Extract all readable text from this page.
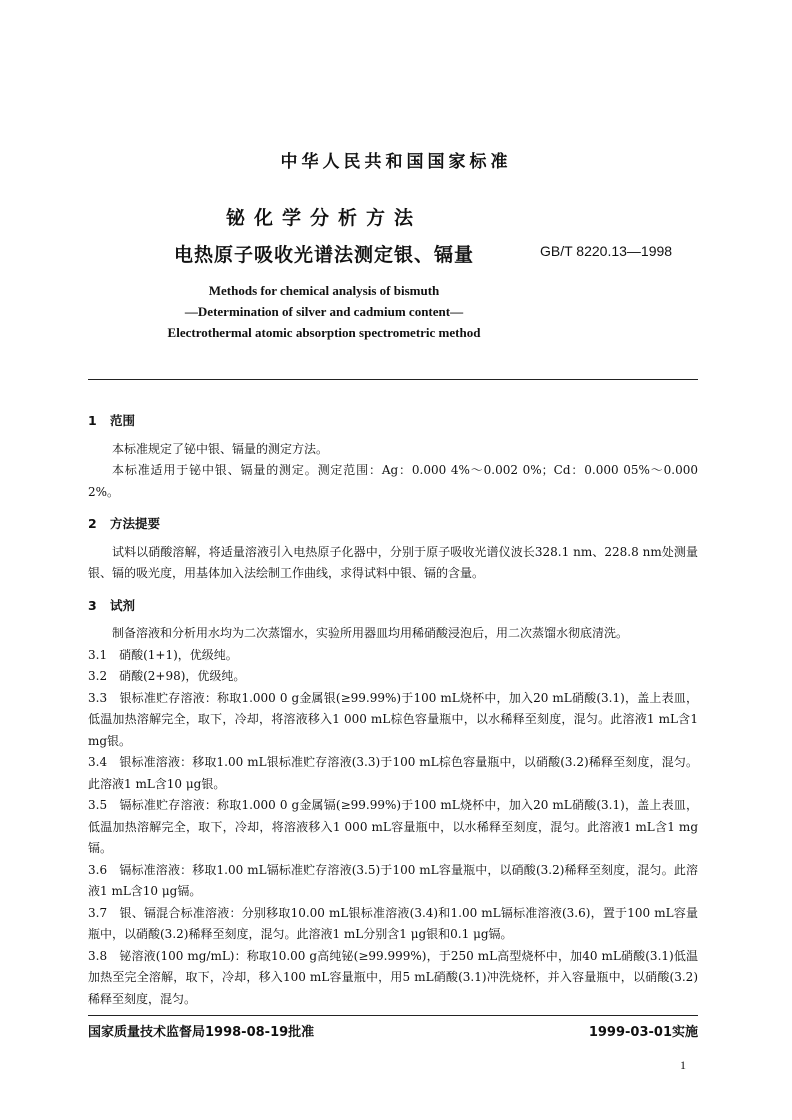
中华人民共和国国家标准
铋化学分析方法
电热原子吸收光谱法测定银、镉量	GB/T 8220.13—1998
Methods for chemical analysis of bismuth
—Determination of silver and cadmium content—
Electrothermal atomic absorption spectrometric method
1 范围

本标准规定了铋中银、镉量的测定方法。

本标准适用于铋中银、镉量的测定。测定范围：Ag：0.000 4%～0.002 0%；Cd：0.000 05%～0.000 2%。

2 方法提要

试料以硝酸溶解，将适量溶液引入电热原子化器中，分别于原子吸收光谱仪波长328.1 nm、228.8 nm处测量银、镉的吸光度，用基体加入法绘制工作曲线，求得试料中银、镉的含量。

3 试剂

制备溶液和分析用水均为二次蒸馏水，实验所用器皿均用稀硝酸浸泡后，用二次蒸馏水彻底清洗。

3.1　硝酸(1+1)，优级纯。

3.2　硝酸(2+98)，优级纯。

3.3　银标准贮存溶液：称取1.000 0 g金属银(≥99.99%)于100 mL烧杯中，加入20 mL硝酸(3.1)，盖上表皿，低温加热溶解完全，取下，冷却，将溶液移入1 000 mL棕色容量瓶中，以水稀释至刻度，混匀。此溶液1 mL含1 mg银。

3.4　银标准溶液：移取1.00 mL银标准贮存溶液(3.3)于100 mL棕色容量瓶中，以硝酸(3.2)稀释至刻度，混匀。此溶液1 mL含10 μg银。

3.5　镉标准贮存溶液：称取1.000 0 g金属镉(≥99.99%)于100 mL烧杯中，加入20 mL硝酸(3.1)，盖上表皿，低温加热溶解完全，取下，冷却，将溶液移入1 000 mL容量瓶中，以水稀释至刻度，混匀。此溶液1 mL含1 mg镉。

3.6　镉标准溶液：移取1.00 mL镉标准贮存溶液(3.5)于100 mL容量瓶中，以硝酸(3.2)稀释至刻度，混匀。此溶液1 mL含10 μg镉。

3.7　银、镉混合标准溶液：分别移取10.00 mL银标准溶液(3.4)和1.00 mL镉标准溶液(3.6)，置于100 mL容量瓶中，以硝酸(3.2)稀释至刻度，混匀。此溶液1 mL分别含1 μg银和0.1 μg镉。

3.8　铋溶液(100 mg/mL)：称取10.00 g高纯铋(≥99.999%)，于250 mL高型烧杯中，加40 mL硝酸(3.1)低温加热至完全溶解，取下，冷却，移入100 mL容量瓶中，用5 mL硝酸(3.1)冲洗烧杯，并入容量瓶中，以硝酸(3.2)稀释至刻度，混匀。

国家质量技术监督局1998-08-19批准	1999-03-01实施
1
